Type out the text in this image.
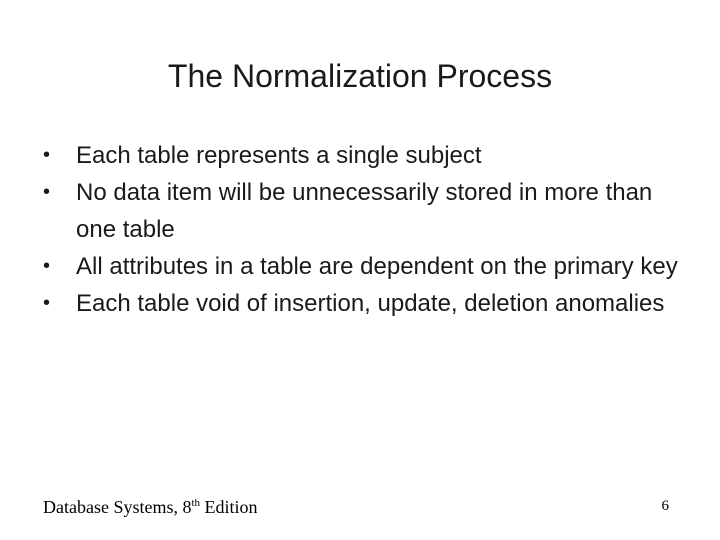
The Normalization Process
•	Each table represents a single subject
•	No data item will be unnecessarily stored in more than one table
•	All attributes in a table are dependent on the primary key
•	Each table void of insertion, update, deletion anomalies
Database Systems, 8th Edition	6
